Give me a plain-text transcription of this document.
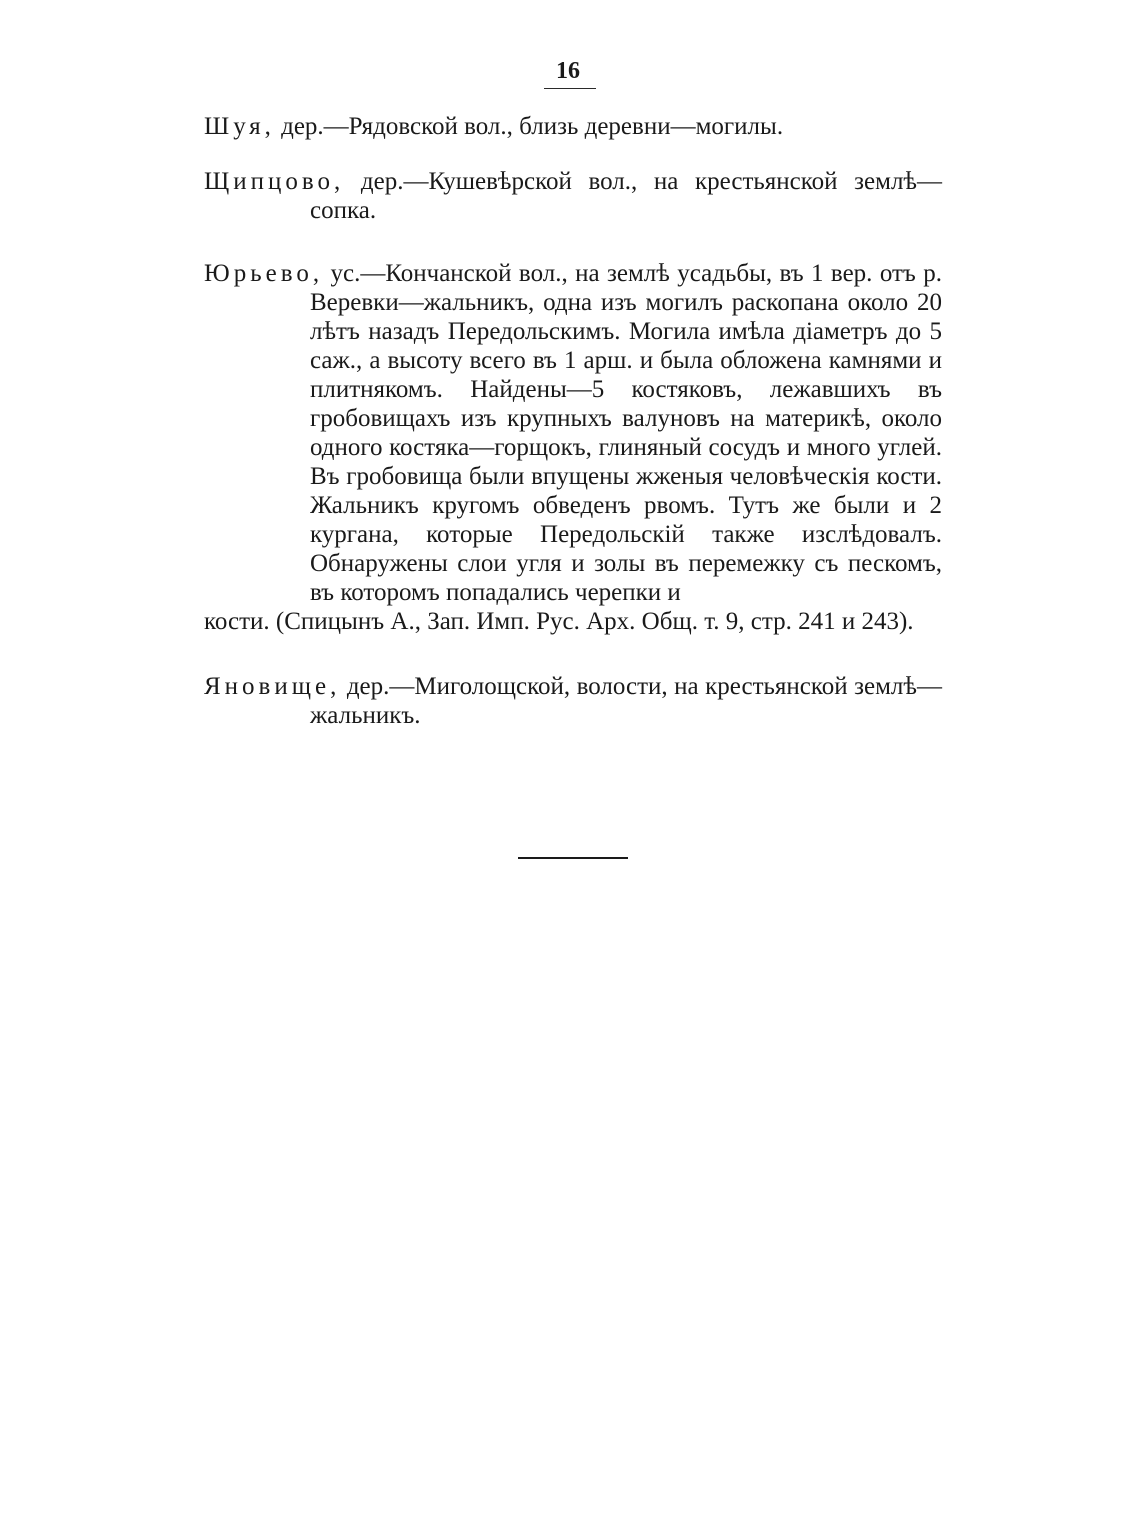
16

Шуя, дер.—Рядовской вол., близь деревни—могилы.

Щипцово, дер.—Кушевѣрской вол., на крестьянской землѣ—сопка.

Юрьево, ус.—Кончанской вол., на землѣ усадьбы, въ 1 вер. отъ р. Веревки—жальникъ, одна изъ могилъ раскопана около 20 лѣтъ назадъ Передольскимъ. Могила имѣла діаметръ до 5 саж., а высоту всего въ 1 арш. и была обложена камнями и плитнякомъ. Найдены—5 костяковъ, лежавшихъ въ гробовищахъ изъ крупныхъ валуновъ на материкѣ, около одного костяка—горщокъ, глиняный сосудъ и много углей. Въ гробовища были впущены жженыя человѣческія кости. Жальникъ кругомъ обведенъ рвомъ. Тутъ же были и 2 кургана, которые Передольскій также изслѣдовалъ. Обнаружены слои угля и золы въ перемежку съ пескомъ, въ которомъ попадались черепки и
кости. (Спицынъ А., Зап. Имп. Рус. Арх. Общ. т. 9, стр. 241 и 243).

Яновище, дер.—Миголощской, волости, на крестьянской землѣ—жальникъ.
